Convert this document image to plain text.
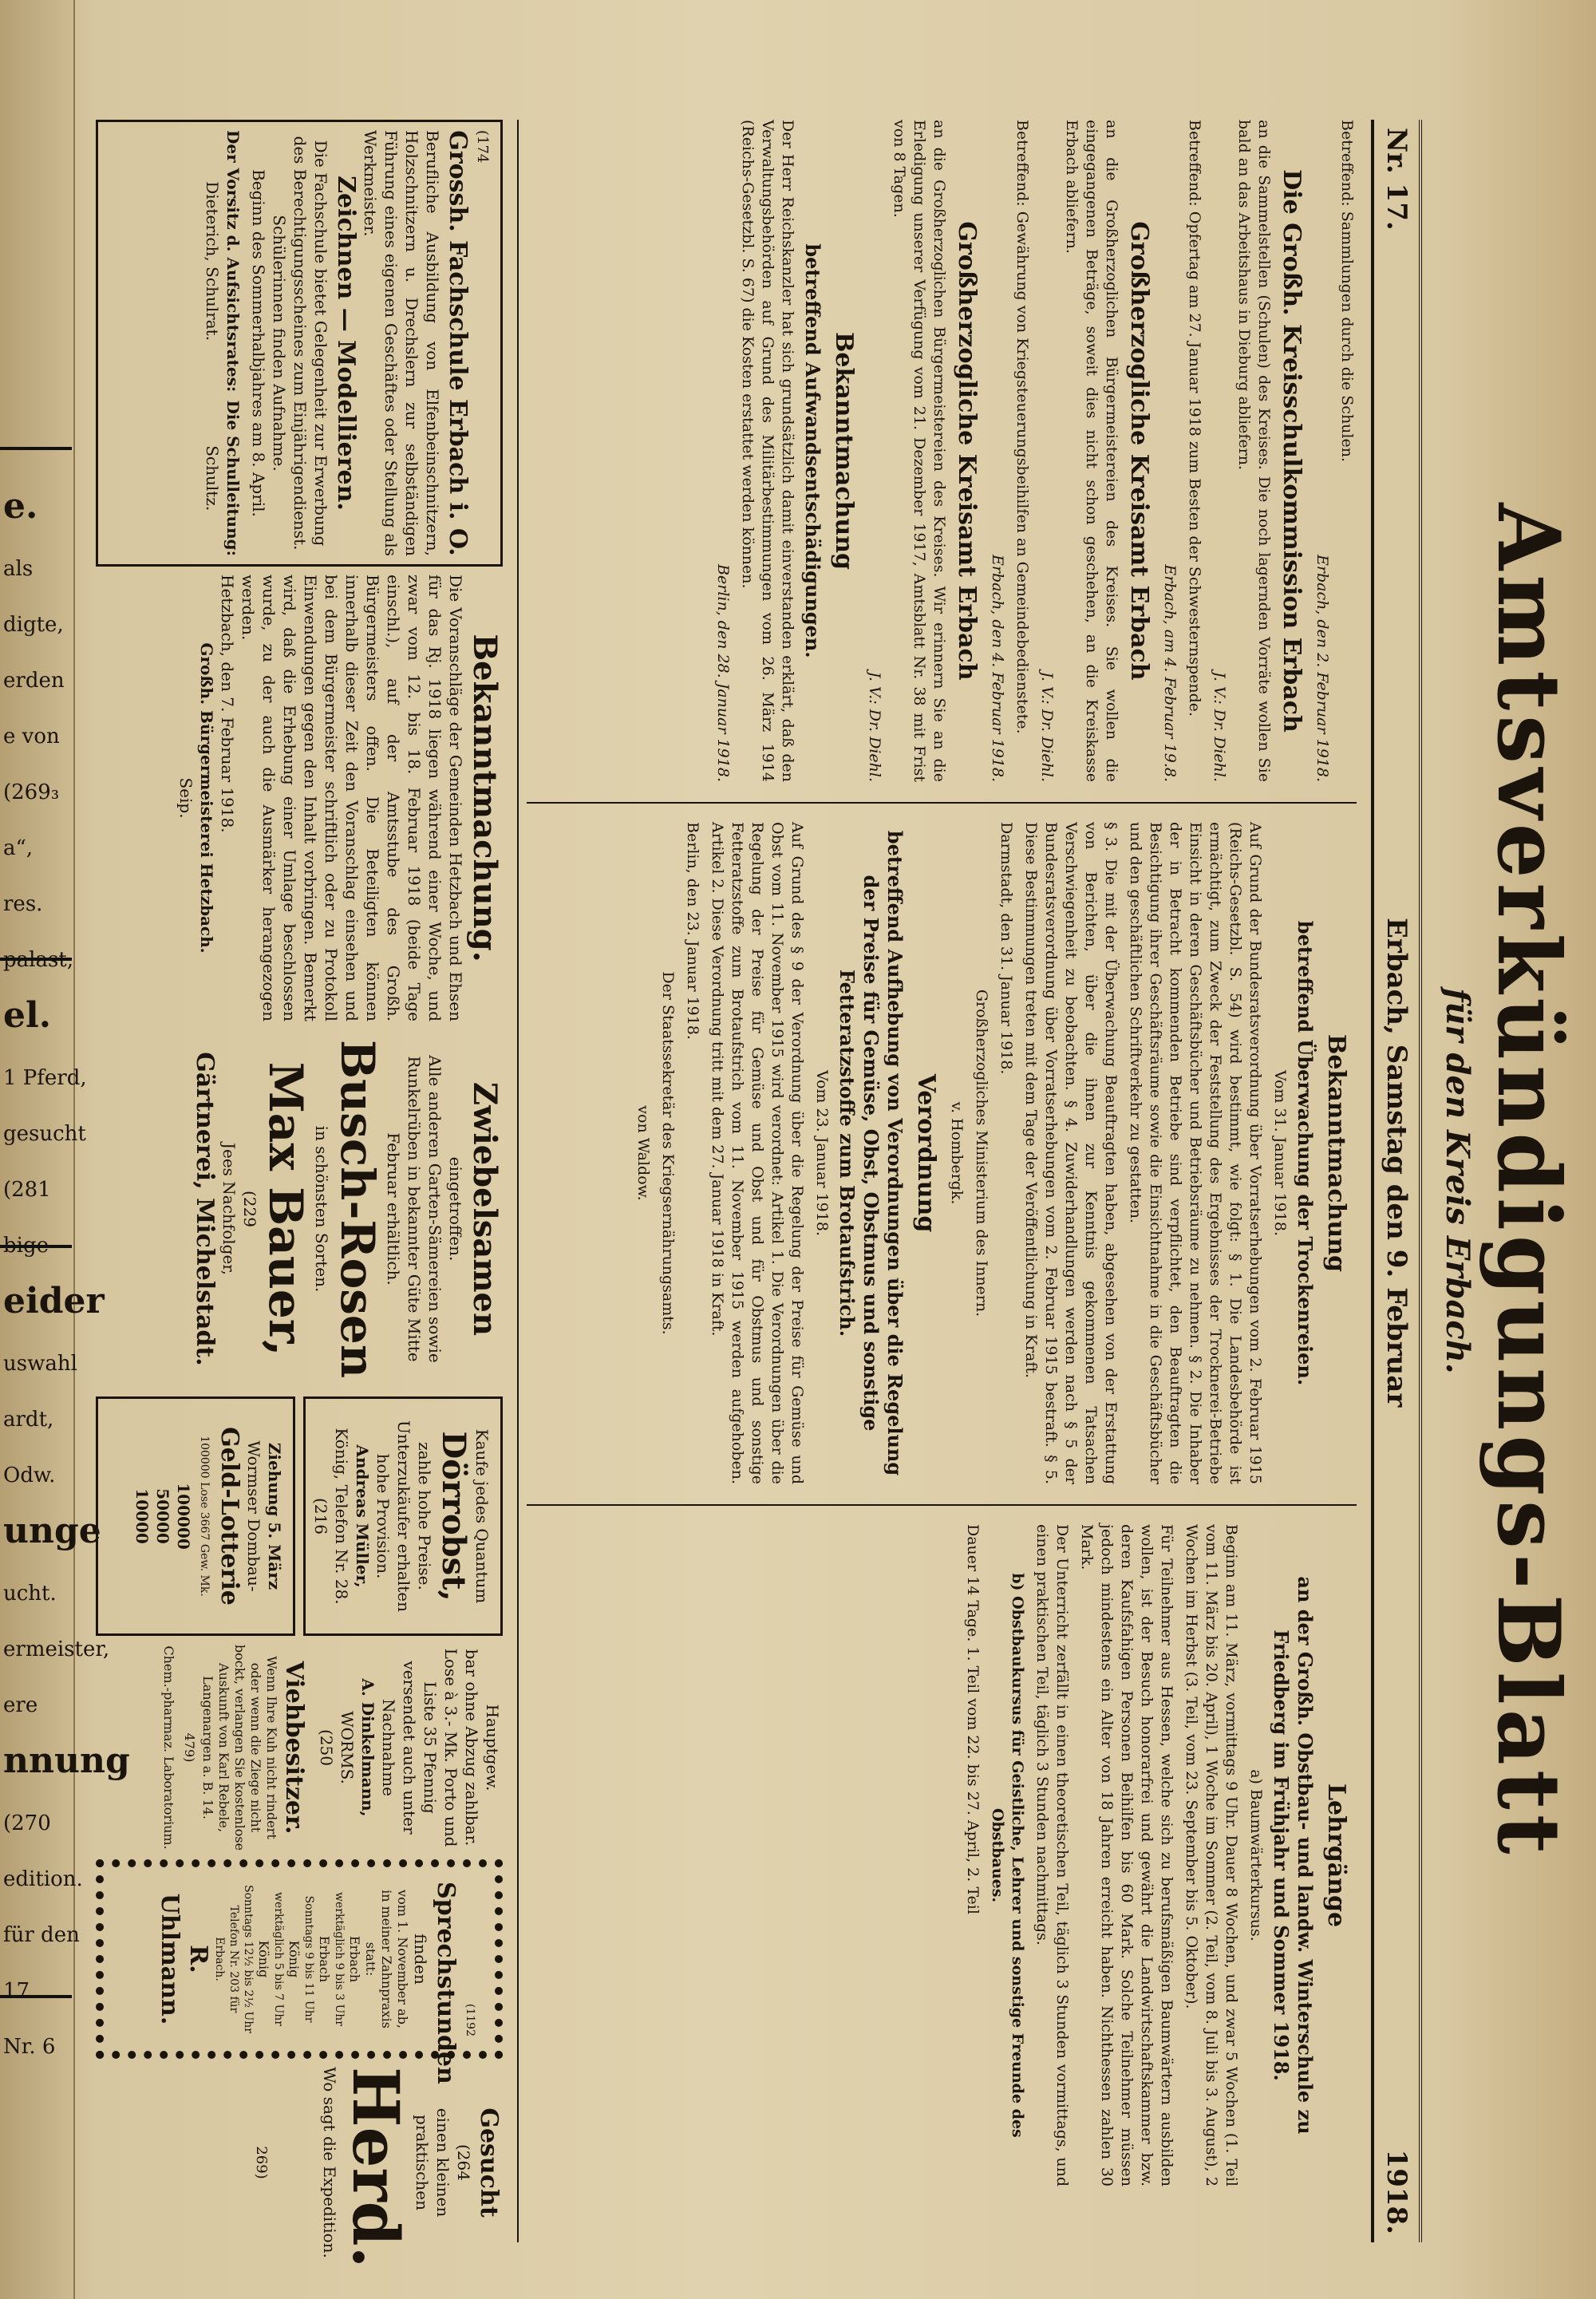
e.
als
digte,
erden
e von
(269₃
a“,
res.
palast,
el.
1 Pferd,
gesucht
(281
bige
eider
uswahl
ardt,
Odw.
unge
ucht.
ermeister,
ere
nnung
(270
edition.
für den
17
Nr. 6
Amtsverkündigungs-Blatt
für den Kreis Erbach.
Nr. 17.
Erbach, Samstag den 9. Februar
1918.

Betreffend: Sammlungen durch die Schulen.

Erbach, den 2. Februar 1918.

Die Großh. Kreisschulkommission Erbach

an die Sammelstellen (Schulen) des Kreises. Die noch lagernden Vorräte wollen Sie bald an das Arbeitshaus in Dieburg abliefern.

J. V.: Dr. Diehl.

Betreffend: Opfertag am 27. Januar 1918 zum Besten der Schwesternspende.

Erbach, am 4. Februar 19.8.

Großherzogliche Kreisamt Erbach

an die Großherzoglichen Bürgermeistereien des Kreises. Sie wollen die eingegangenen Beträge, soweit dies nicht schon geschehen, an die Kreiskasse Erbach abliefern.

J. V.: Dr. Diehl.

Betreffend: Gewährung von Kriegsteuerungsbeihilfen an Gemeindebedienstete.

Erbach, den 4. Februar 1918.

Großherzogliche Kreisamt Erbach

an die Großherzoglichen Bürgermeistereien des Kreises. Wir erinnern Sie an die Erledigung unserer Verfügung vom 21. Dezember 1917, Amtsblatt Nr. 38 mit Frist von 8 Tagen.

J. V.: Dr. Diehl.

Bekanntmachung
betreffend Aufwandsentschädigungen.

Der Herr Reichskanzler hat sich grundsätzlich damit einverstanden erklärt, daß den Verwaltungsbehörden auf Grund des Militärbestimmungen vom 26. März 1914 (Reichs-Gesetzbl. S. 67) die Kosten erstattet werden können.

Berlin, den 28. Januar 1918.

Bekanntmachung
betreffend Überwachung der Trockenreien.

Vom 31. Januar 1918.

Auf Grund der Bundesratsverordnung über Vorratserhebungen vom 2. Februar 1915 (Reichs-Gesetzbl. S. 54) wird bestimmt, wie folgt: § 1. Die Landesbehörde ist ermächtigt, zum Zweck der Feststellung des Ergebnisses der Trocknerei-Betriebe Einsicht in deren Geschäftsbücher und Betriebsräume zu nehmen. § 2. Die Inhaber der in Betracht kommenden Betriebe sind verpflichtet, den Beauftragten die Besichtigung ihrer Geschäftsräume sowie die Einsichtnahme in die Geschäftsbücher und den geschäftlichen Schriftverkehr zu gestatten.

§ 3. Die mit der Überwachung Beauftragten haben, abgesehen von der Erstattung von Berichten, über die ihnen zur Kenntnis gekommenen Tatsachen Verschwiegenheit zu beobachten. § 4. Zuwiderhandlungen werden nach § 5 der Bundesratsverordnung über Vorratserhebungen vom 2. Februar 1915 bestraft. § 5. Diese Bestimmungen treten mit dem Tage der Veröffentlichung in Kraft.

Darmstadt, den 31. Januar 1918.

Großherzogliches Ministerium des Innern.

v. Hombergk.

Verordnung
betreffend Aufhebung von Verordnungen über die Regelung der Preise für Gemüse, Obst, Obstmus und sonstige Fetteratzstoffe zum Brotaufstrich.

Vom 23. Januar 1918.

Auf Grund des § 9 der Verordnung über die Regelung der Preise für Gemüse und Obst vom 11. November 1915 wird verordnet: Artikel 1. Die Verordnungen über die Regelung der Preise für Gemüse und Obst und für Obstmus und sonstige Fetteratzstoffe zum Brotaufstrich vom 11. November 1915 werden aufgehoben. Artikel 2. Diese Verordnung tritt mit dem 27. Januar 1918 in Kraft.

Berlin, den 23. Januar 1918.

Der Staatssekretär des Kriegsernährungsamts.

von Waldow.

Lehrgänge
an der Großh. Obstbau- und landw. Winterschule zu Friedberg im Frühjahr und Sommer 1918.

a) Baumwärterkursus.

Beginn am 11. März, vormittags 9 Uhr. Dauer 8 Wochen, und zwar 5 Wochen (1. Teil vom 11. März bis 20. April), 1 Woche im Sommer (2. Teil, vom 8. Juli bis 3. August), 2 Wochen im Herbst (3. Teil, vom 23. September bis 5. Oktober).

Für Teilnehmer aus Hessen, welche sich zu berufsmäßigen Baumwärtern ausbilden wollen, ist der Besuch honorarfrei und gewährt die Landwirtschaftskammer bzw. deren Kaufsfahigen Personen Beihilfen bis 60 Mark. Solche Teilnehmer müssen jedoch mindestens ein Alter von 18 Jahren erreicht haben. Nichthessen zahlen 30 Mark.

Der Unterricht zerfällt in einen theoretischen Teil, täglich 3 Stunden vormittags, und einen praktischen Teil, täglich 3 Stunden nachmittags.

b) Obstbaukursus für Geistliche, Lehrer und sonstige Freunde des Obstbaues.

Dauer 14 Tage. 1. Teil vom 22. bis 27. April, 2. Teil

(174
Grossh. Fachschule Erbach i. O.
Berufliche Ausbildung von Elfenbeinschnitzern, Holzschnitzern u. Drechslern zur selbständigen Führung eines eigenen Geschäftes oder Stellung als Werkmeister.
Zeichnen — Modellieren.
Die Fachschule bietet Gelegenheit zur Erwerbung des Berechtigungsscheines zum Einjährigendienst.
Schülerinnen finden Aufnahme.
Beginn des Sommerhalbjahres am 8. April.
Der Vorsitz d. Aufsichtsrates:
Dieterich, Schulrat.
Die Schulleitung:
Schultz.
Bekanntmachung.
Die Voranschläge der Gemeinden Hetzbach und Ehsen für das Rj. 1918 liegen während einer Woche, und zwar vom 12. bis 18. Februar 1918 (beide Tage einschl.), auf der Amtsstube des Großh. Bürgermeisters offen. Die Beteiligten können innerhalb dieser Zeit den Voranschlag einsehen und bei dem Bürgermeister schriftlich oder zu Protokoll Einwendungen gegen den Inhalt vorbringen. Bemerkt wird, daß die Erhebung einer Umlage beschlossen wurde, zu der auch die Ausmärker herangezogen werden.
Hetzbach, den 7. Februar 1918.
Großh. Bürgermeisterei Hetzbach.
Seip.
Zwiebelsamen
eingetroffen.
Alle anderen Garten-Sämereien sowie Runkelrüben in bekannter Güte Mitte Februar erhältlich.
Busch-Rosen
in schönsten Sorten.
Max Bauer,
(229
Jees Nachfolger,
Gärtnerei, Michelstadt.
Kaufe jedes Quantum
Dörrobst,
zahle hohe Preise. Unterzukäufer erhalten hohe Provision.
Andreas Müller,
König, Telefon Nr. 28.
(216
Ziehung 5. März
Wormser Dombau-
Geld-Lotterie
100000 Lose 3667 Gew. Mk.
100000
50000
10000
Hauptgew.
bar ohne Abzug zahlbar.
Lose à 3.- Mk. Porto und Liste 35 Pfennig versendet auch unter Nachnahme
A. Dinkelmann,
WORMS.
(250
Viehbesitzer.
Wenn Ihre Kuh nicht rindert oder wenn die Ziege nicht bockt, verlangen Sie kostenlose Auskunft von Karl Rebele, Langenargen a. B. 14.
479)
Chem.-pharmaz. Laboratorium.
(1192
Sprechstunden
finden
vom 1. November ab, in meiner Zahnpraxis statt:
Erbach
werktäglich 9 bis 3 Uhr
Erbach
Sonntags 9 bis 11 Uhr
König
werktäglich 5 bis 7 Uhr
König
Sonntags 12½ bis 2½ Uhr
Telefon Nr. 203 für Erbach.
R. Uhlmann.
Gesucht
(264
einen kleinen praktischen
Herd.
Wo sagt die Expedition.
269)
